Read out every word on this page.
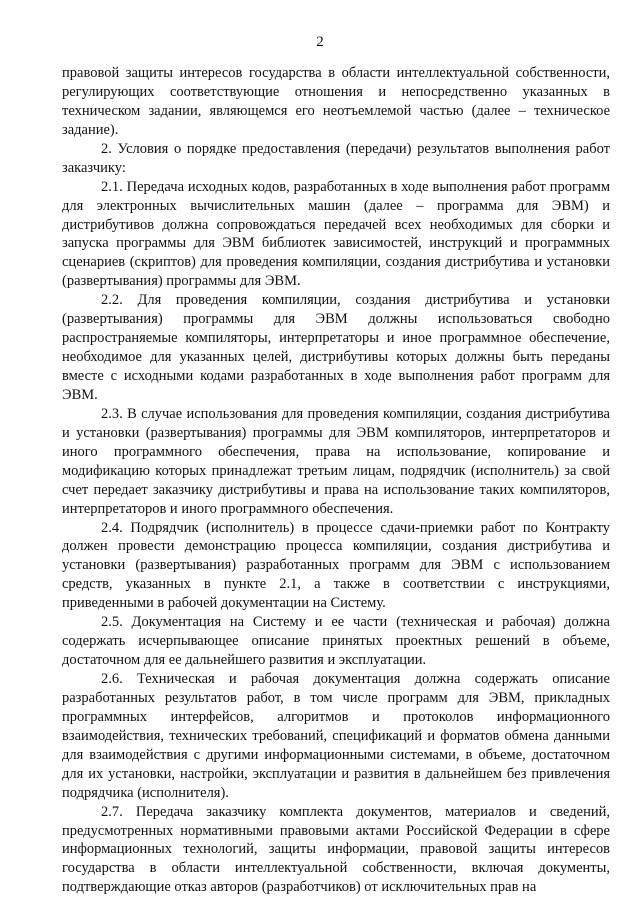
2

правовой защиты интересов государства в области интеллектуальной собственности, регулирующих соответствующие отношения и непосредственно указанных в техническом задании, являющемся его неотъемлемой частью (далее – техническое задание).

2. Условия о порядке предоставления (передачи) результатов выполнения работ заказчику:

2.1. Передача исходных кодов, разработанных в ходе выполнения работ программ для электронных вычислительных машин (далее – программа для ЭВМ) и дистрибутивов должна сопровождаться передачей всех необходимых для сборки и запуска программы для ЭВМ библиотек зависимостей, инструкций и программных сценариев (скриптов) для проведения компиляции, создания дистрибутива и установки (развертывания) программы для ЭВМ.

2.2. Для проведения компиляции, создания дистрибутива и установки (развертывания) программы для ЭВМ должны использоваться свободно распространяемые компиляторы, интерпретаторы и иное программное обеспечение, необходимое для указанных целей, дистрибутивы которых должны быть переданы вместе с исходными кодами разработанных в ходе выполнения работ программ для ЭВМ.

2.3. В случае использования для проведения компиляции, создания дистрибутива и установки (развертывания) программы для ЭВМ компиляторов, интерпретаторов и иного программного обеспечения, права на использование, копирование и модификацию которых принадлежат третьим лицам, подрядчик (исполнитель) за свой счет передает заказчику дистрибутивы и права на использование таких компиляторов, интерпретаторов и иного программного обеспечения.

2.4. Подрядчик (исполнитель) в процессе сдачи-приемки работ по Контракту должен провести демонстрацию процесса компиляции, создания дистрибутива и установки (развертывания) разработанных программ для ЭВМ с использованием средств, указанных в пункте 2.1, а также в соответствии с инструкциями, приведенными в рабочей документации на Систему.

2.5. Документация на Систему и ее части (техническая и рабочая) должна содержать исчерпывающее описание принятых проектных решений в объеме, достаточном для ее дальнейшего развития и эксплуатации.

2.6. Техническая и рабочая документация должна содержать описание разработанных результатов работ, в том числе программ для ЭВМ, прикладных программных интерфейсов, алгоритмов и протоколов информационного взаимодействия, технических требований, спецификаций и форматов обмена данными для взаимодействия с другими информационными системами, в объеме, достаточном для их установки, настройки, эксплуатации и развития в дальнейшем без привлечения подрядчика (исполнителя).

2.7. Передача заказчику комплекта документов, материалов и сведений, предусмотренных нормативными правовыми актами Российской Федерации в сфере информационных технологий, защиты информации, правовой защиты интересов государства в области интеллектуальной собственности, включая документы, подтверждающие отказ авторов (разработчиков) от исключительных прав на
